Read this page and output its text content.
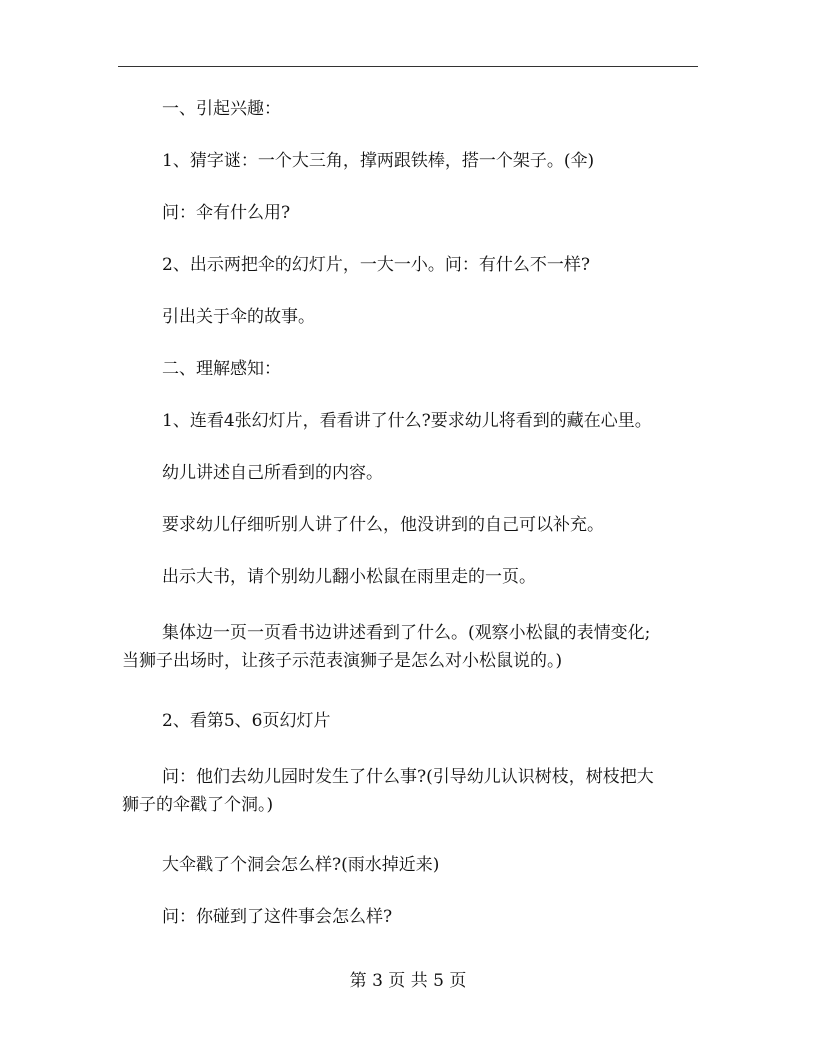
一、引起兴趣：
1、猜字谜：一个大三角，撑两跟铁棒，搭一个架子。(伞)
问：伞有什么用?
2、出示两把伞的幻灯片，一大一小。问：有什么不一样?
引出关于伞的故事。
二、理解感知：
1、连看4张幻灯片，看看讲了什么?要求幼儿将看到的藏在心里。
幼儿讲述自己所看到的内容。
要求幼儿仔细听别人讲了什么，他没讲到的自己可以补充。
出示大书，请个别幼儿翻小松鼠在雨里走的一页。
集体边一页一页看书边讲述看到了什么。(观察小松鼠的表情变化;
当狮子出场时，让孩子示范表演狮子是怎么对小松鼠说的。)
2、看第5、6页幻灯片
问：他们去幼儿园时发生了什么事?(引导幼儿认识树枝，树枝把大
狮子的伞戳了个洞。)
大伞戳了个洞会怎么样?(雨水掉近来)
问：你碰到了这件事会怎么样?
第 3 页 共 5 页
